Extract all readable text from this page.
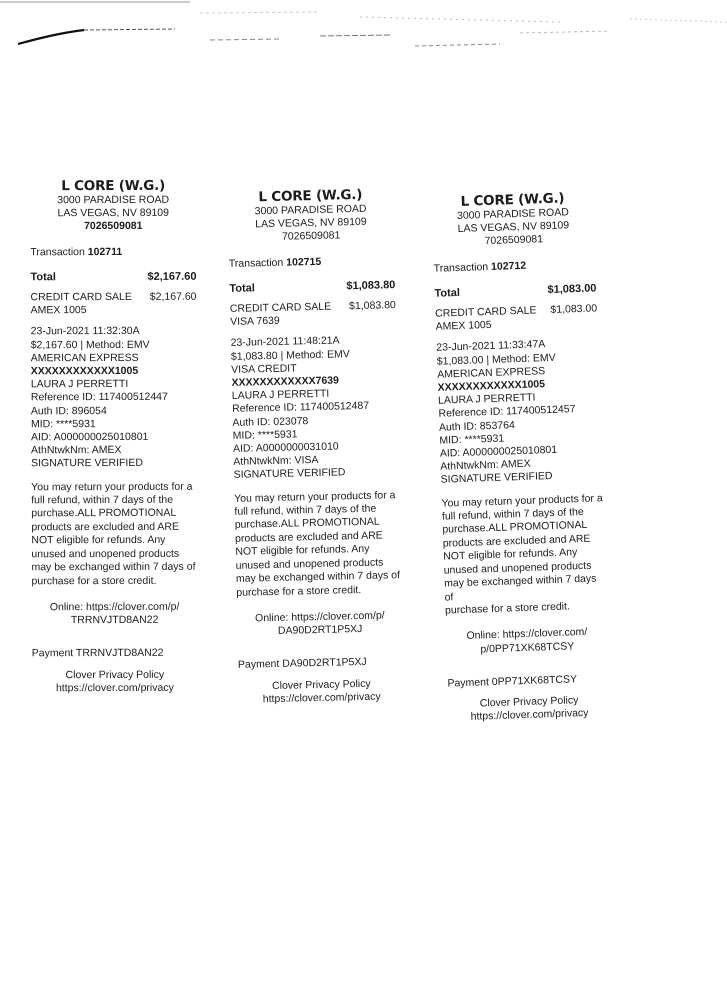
L CORE (W.G.)
3000 PARADISE ROAD
LAS VEGAS, NV 89109
7026509081
Transaction 102711
Total	$2,167.60
CREDIT CARD SALE $2,167.60
AMEX 1005
23-Jun-2021 11:32:30A
$2,167.60 | Method: EMV
AMERICAN EXPRESS
XXXXXXXXXXXX1005
LAURA J PERRETTI
Reference ID: 117400512447
Auth ID: 896054
MID: ****5931
AID: A000000025010801
AthNtwkNm: AMEX
SIGNATURE VERIFIED
You may return your products for a
full refund, within 7 days of the
purchase.ALL PROMOTIONAL
products are excluded and ARE
NOT eligible for refunds. Any
unused and unopened products
may be exchanged within 7 days of
purchase for a store credit.
Online: https://clover.com/p/
TRRNVJTD8AN22
Payment TRRNVJTD8AN22
Clover Privacy Policy
https://clover.com/privacy
L CORE (W.G.)
3000 PARADISE ROAD
LAS VEGAS, NV 89109
7026509081
Transaction 102715
Total	$1,083.80
CREDIT CARD SALE $1,083.80
VISA 7639
23-Jun-2021 11:48:21A
$1,083.80 | Method: EMV
VISA CREDIT XXXXXXXXXXXX7639
LAURA J PERRETTI
Reference ID: 117400512487
Auth ID: 023078
MID: ****5931
AID: A0000000031010
AthNtwkNm: VISA
SIGNATURE VERIFIED
You may return your products for a
full refund, within 7 days of the
purchase.ALL PROMOTIONAL
products are excluded and ARE
NOT eligible for refunds. Any
unused and unopened products
may be exchanged within 7 days of
purchase for a store credit.
Online: https://clover.com/p/
DA90D2RT1P5XJ
Payment DA90D2RT1P5XJ
Clover Privacy Policy
https://clover.com/privacy
L CORE (W.G.)
3000 PARADISE ROAD
LAS VEGAS, NV 89109
7026509081
Transaction 102712
Total	$1,083.00
CREDIT CARD SALE $1,083.00
AMEX 1005
23-Jun-2021 11:33:47A
$1,083.00 | Method: EMV
AMERICAN EXPRESS
XXXXXXXXXXXX1005
LAURA J PERRETTI
Reference ID: 117400512457
Auth ID: 853764
MID: ****5931
AID: A000000025010801
AthNtwkNm: AMEX
SIGNATURE VERIFIED
You may return your products for a
full refund, within 7 days of the
purchase.ALL PROMOTIONAL
products are excluded and ARE
NOT eligible for refunds. Any
unused and unopened products
may be exchanged within 7 days of
purchase for a store credit.
Online: https://clover.com/
p/0PP71XK68TCSY
Payment 0PP71XK68TCSY
Clover Privacy Policy
https://clover.com/privacy
